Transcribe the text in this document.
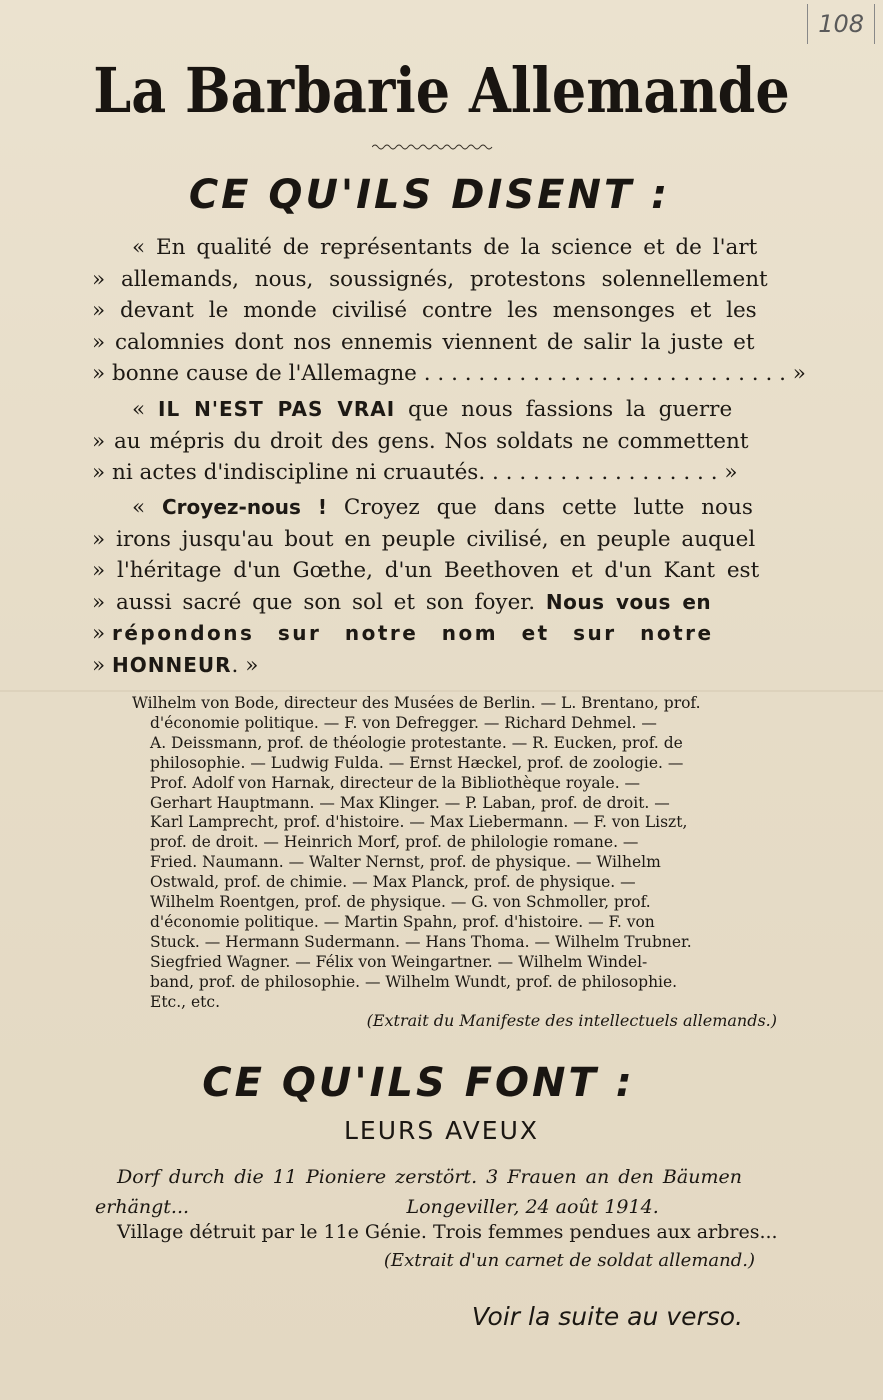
108
La Barbarie Allemande
CE QU'ILS DISENT :
« En qualité de représentants de la science et de l'art
» allemands, nous, soussignés, protestons solennellement
» devant le monde civilisé contre les mensonges et les
» calomnies dont nos ennemis viennent de salir la juste et
» bonne cause de l'Allemagne . . . . . . . . . . . . . . . . . . . . . . . . . . . »
« IL N'EST PAS VRAI que nous fassions la guerre
» au mépris du droit des gens. Nos soldats ne commettent
» ni actes d'indiscipline ni cruautés. . . . . . . . . . . . . . . . . . »
« Croyez-nous ! Croyez que dans cette lutte nous
» irons jusqu'au bout en peuple civilisé, en peuple auquel
» l'héritage d'un Gœthe, d'un Beethoven et d'un Kant est
» aussi sacré que son sol et son foyer. Nous vous en
» répondons sur notre nom et sur notre
» HONNEUR. »
Wilhelm von Bode, directeur des Musées de Berlin. — L. Brentano, prof.
d'économie politique. — F. von Defregger. — Richard Dehmel. —
A. Deissmann, prof. de théologie protestante. — R. Eucken, prof. de
philosophie. — Ludwig Fulda. — Ernst Hæckel, prof. de zoologie. —
Prof. Adolf von Harnak, directeur de la Bibliothèque royale. —
Gerhart Hauptmann. — Max Klinger. — P. Laban, prof. de droit. —
Karl Lamprecht, prof. d'histoire. — Max Liebermann. — F. von Liszt,
prof. de droit. — Heinrich Morf, prof. de philologie romane. —
Fried. Naumann. — Walter Nernst, prof. de physique. — Wilhelm
Ostwald, prof. de chimie. — Max Planck, prof. de physique. —
Wilhelm Roentgen, prof. de physique. — G. von Schmoller, prof.
d'économie politique. — Martin Spahn, prof. d'histoire. — F. von
Stuck. — Hermann Sudermann. — Hans Thoma. — Wilhelm Trubner.
Siegfried Wagner. — Félix von Weingartner. — Wilhelm Windel-
band, prof. de philosophie. — Wilhelm Wundt, prof. de philosophie.
Etc., etc.
(Extrait du Manifeste des intellectuels allemands.)
CE QU'ILS FONT :
LEURS AVEUX
Dorf durch die 11 Pioniere zerstört. 3 Frauen an den Bäumen
erhängt...                                    Longeviller, 24 août 1914.
Village détruit par le 11e Génie. Trois femmes pendues aux arbres...
(Extrait d'un carnet de soldat allemand.)
Voir la suite au verso.
